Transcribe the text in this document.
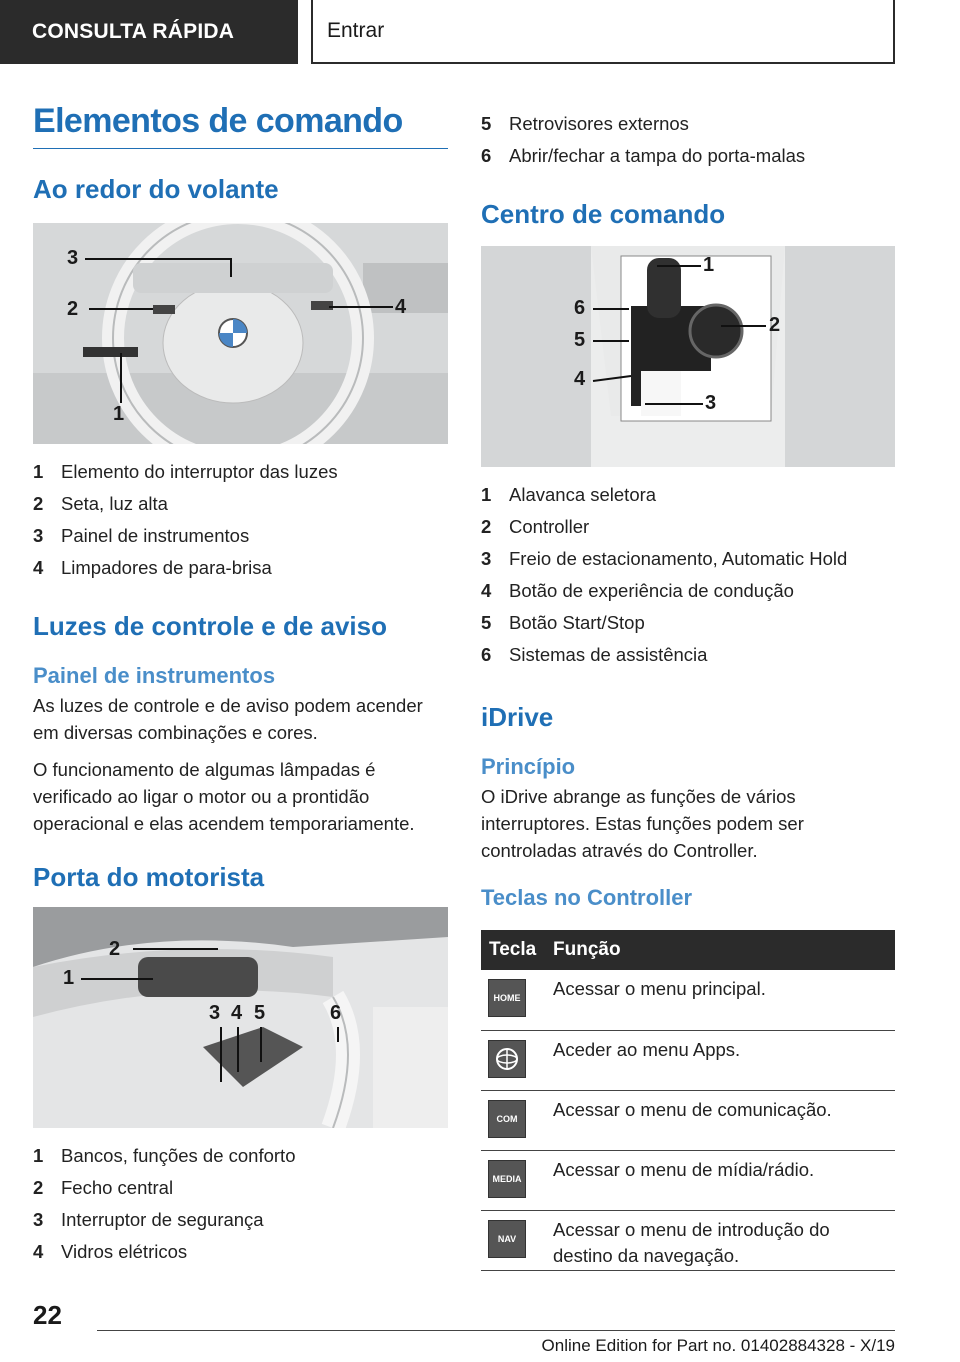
CONSULTA RÁPIDA	Entrar
Elementos de comando
Ao redor do volante
3
2	4
1
1 Elemento do interruptor das luzes
2 Seta, luz alta
3 Painel de instrumentos
4 Limpadores de para-brisa
Luzes de controle e de aviso
Painel de instrumentos

As luzes de controle e de aviso podem acender em diversas combinações e cores.

O funcionamento de algumas lâmpadas é verificado ao ligar o motor ou a prontidão operacional e elas acendem temporariamente.

Porta do motorista
1
2
3 4 5	6
1 Bancos, funções de conforto
2 Fecho central
3 Interruptor de segurança
4 Vidros elétricos
5 Retrovisores externos
6 Abrir/fechar a tampa do porta-malas
Centro de comando
1
2
3
4
5
6
1 Alavanca seletora
2 Controller
3 Freio de estacionamento, Automatic Hold
4 Botão de experiência de condução
5 Botão Start/Stop
6 Sistemas de assistência
iDrive
Princípio

O iDrive abrange as funções de vários interruptores. Estas funções podem ser controladas através do Controller.

Teclas no Controller
Tecla	Função

HOME	Acessar o menu principal.

	Aceder ao menu Apps.

COM	Acessar o menu de comunicação.

MEDIA	Acessar o menu de mídia/rádio.

NAV	Acessar o menu de introdução do destino da navegação.
22
Online Edition for Part no. 01402884328 - X/19
